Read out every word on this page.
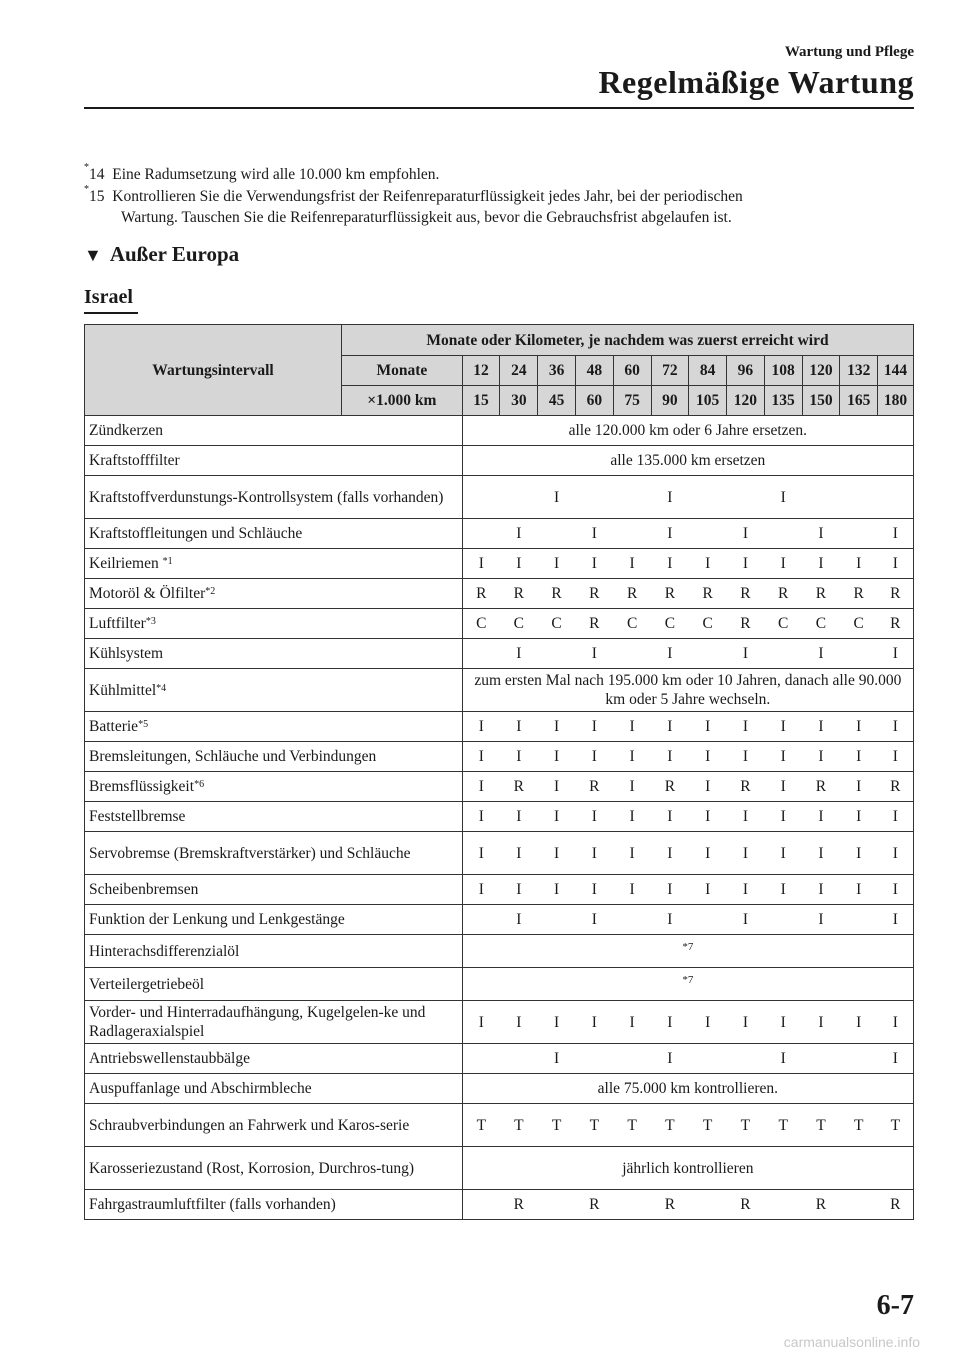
Wartung und Pflege
Regelmäßige Wartung
*14 Eine Radumsetzung wird alle 10.000 km empfohlen.
*15 Kontrollieren Sie die Verwendungsfrist der Reifenreparaturflüssigkeit jedes Jahr, bei der periodischen
Wartung. Tauschen Sie die Reifenreparaturflüssigkeit aus, bevor die Gebrauchsfrist abgelaufen ist.
▼ Außer Europa
Israel
Wartungsintervall	Monate oder Kilometer, je nachdem was zuerst erreicht wird												
	Monate	12	24	36	48	60	72	84	96	108	120	132	144
	×1.000 km	15	30	45	60	75	90	105	120	135	150	165	180
Zündkerzen		alle 120.000 km oder 6 Jahre ersetzen.											
Kraftstofffilter		alle 135.000 km ersetzen											
Kraftstoffverdunstungs-Kontrollsystem (falls vorhanden)				I			I			I			
Kraftstoffleitungen und Schläuche			I		I		I		I		I		I
Keilriemen $^{*1}$		I	I	I	I	I	I	I	I	I	I	I	I
Motoröl & Ölfilter$^{*2}$		R	R	R	R	R	R	R	R	R	R	R	R
Luftfilter$^{*3}$		C	C	C	R	C	C	C	R	C	C	C	R
Kühlsystem			I		I		I		I		I		I
Kühlmittel$^{*4}$		zum ersten Mal nach 195.000 km oder 10 Jahren, danach alle 90.000 km oder 5 Jahre wechseln.											
Batterie$^{*5}$		I	I	I	I	I	I	I	I	I	I	I	I
Bremsleitungen, Schläuche und Verbindungen		I	I	I	I	I	I	I	I	I	I	I	I
Bremsflüssigkeit$^{*6}$		I	R	I	R	I	R	I	R	I	R	I	R
Feststellbremse		I	I	I	I	I	I	I	I	I	I	I	I
Servobremse (Bremskraftverstärker) und Schläuche		I	I	I	I	I	I	I	I	I	I	I	I
Scheibenbremsen		I	I	I	I	I	I	I	I	I	I	I	I
Funktion der Lenkung und Lenkgestänge			I		I		I		I		I		I
Hinterachsdifferenzialöl		*7											
Verteilergetriebeöl		*7											
Vorder- und Hinterradaufhängung, Kugelgelen-ke und Radlageraxialspiel		I	I	I	I	I	I	I	I	I	I	I	I
Antriebswellenstaubbälge				I			I			I			I
Auspuffanlage und Abschirmbleche		alle 75.000 km kontrollieren.											
Schraubverbindungen an Fahrwerk und Karos-serie		T	T	T	T	T	T	T	T	T	T	T	T
Karosseriezustand (Rost, Korrosion, Durchros-tung)		jährlich kontrollieren											
Fahrgastraumluftfilter (falls vorhanden)			R		R		R		R		R		R
6-7
carmanualsonline.info
